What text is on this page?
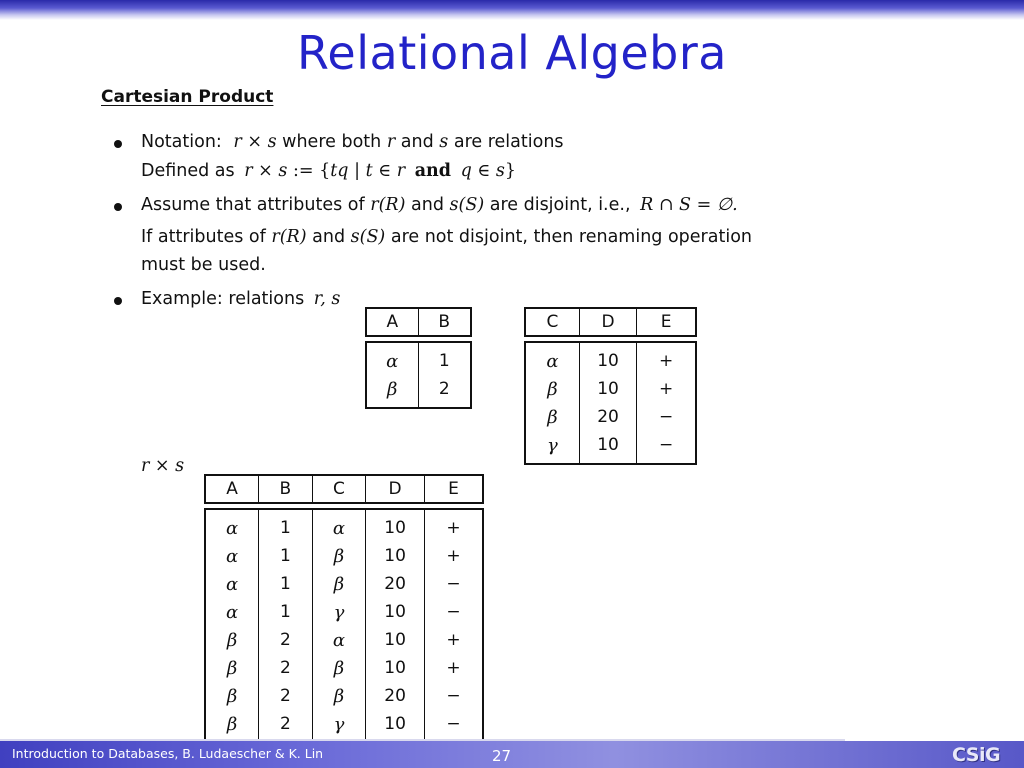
Relational Algebra
Cartesian Product
Notation: r × s where both r and s are relations
Defined as r × s := {tq | t ∈ r and q ∈ s}
Assume that attributes of r(R) and s(S) are disjoint, i.e., R ∩ S = ∅.
If attributes of r(R) and s(S) are not disjoint, then renaming operation
must be used.
Example: relations r, s
A	B

α	1
β	2
C	D	E

α	10	+
β	10	+
β	20	−
γ	10	−
r × s
A	B	C	D	E

α	1	α	10	+
α	1	β	10	+
α	1	β	20	−
α	1	γ	10	−
β	2	α	10	+
β	2	β	10	+
β	2	β	20	−
β	2	γ	10	−
Introduction to Databases, B. Ludaescher & K. Lin	27	CSiG
